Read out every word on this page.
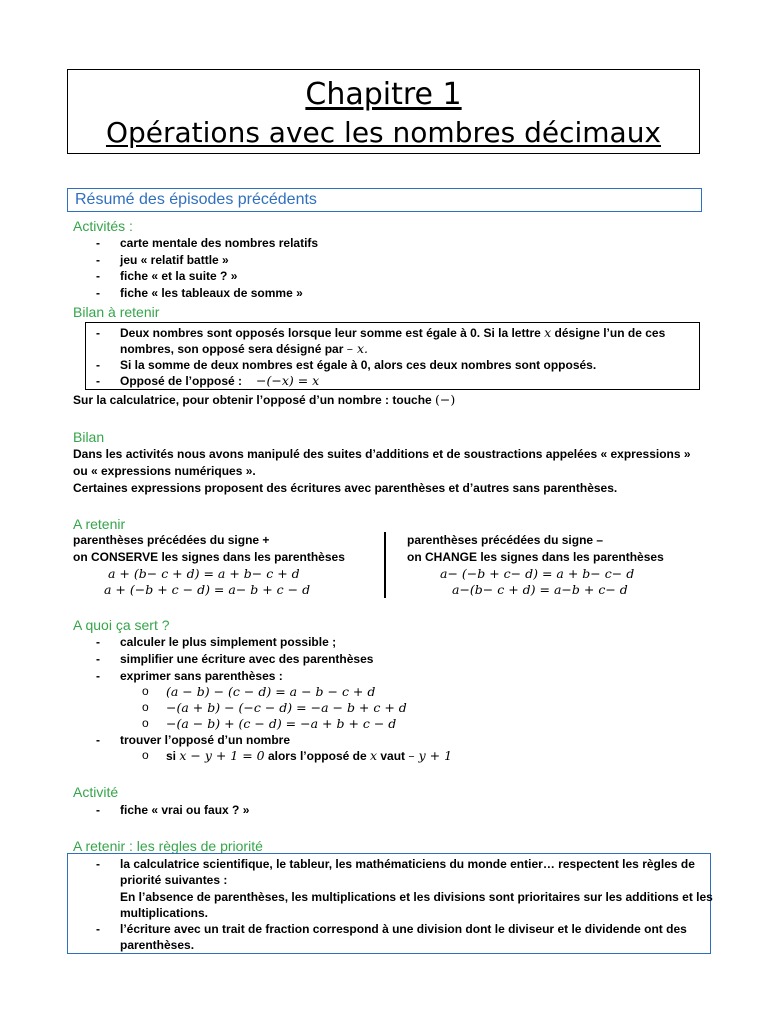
Chapitre 1
Opérations avec les nombres décimaux
Résumé des épisodes précédents
Activités :
- carte mentale des nombres relatifs
- jeu « relatif battle »
- fiche « et la suite ? »
- fiche « les tableaux de somme »
Bilan à retenir
- Deux nombres sont opposés lorsque leur somme est égale à 0. Si la lettre x désigne l’un de ces
nombres, son opposé sera désigné par – x.
- Si la somme de deux nombres est égale à 0, alors ces deux nombres sont opposés.
- Opposé de l’opposé : −(−x) = x
Sur la calculatrice, pour obtenir l’opposé d’un nombre : touche (−)
Bilan
Dans les activités nous avons manipulé des suites d’additions et de soustractions appelées « expressions »
ou « expressions numériques ».
Certaines expressions proposent des écritures avec parenthèses et d’autres sans parenthèses.
A retenir
parenthèses précédées du signe +
on CONSERVE les signes dans les parenthèses
a + (b− c + d) = a + b− c + d
a + (−b + c − d) = a− b + c − d
parenthèses précédées du signe –
on CHANGE les signes dans les parenthèses
a− (−b + c− d) = a + b− c− d
a−(b− c + d) = a−b + c− d
A quoi ça sert ?
- calculer le plus simplement possible ;
- simplifier une écriture avec des parenthèses
- exprimer sans parenthèses :
o (a − b) − (c − d) = a − b − c + d
o −(a + b) − (−c − d) = −a − b + c + d
o −(a − b) + (c − d) = −a + b + c − d
- trouver l’opposé d’un nombre
o si x − y + 1 = 0 alors l’opposé de x vaut – y + 1
Activité
- fiche « vrai ou faux ? »
A retenir : les règles de priorité
- la calculatrice scientifique, le tableur, les mathématiciens du monde entier… respectent les règles de
priorité suivantes :
En l’absence de parenthèses, les multiplications et les divisions sont prioritaires sur les additions et les
multiplications.
- l’écriture avec un trait de fraction correspond à une division dont le diviseur et le dividende ont des
parenthèses.
